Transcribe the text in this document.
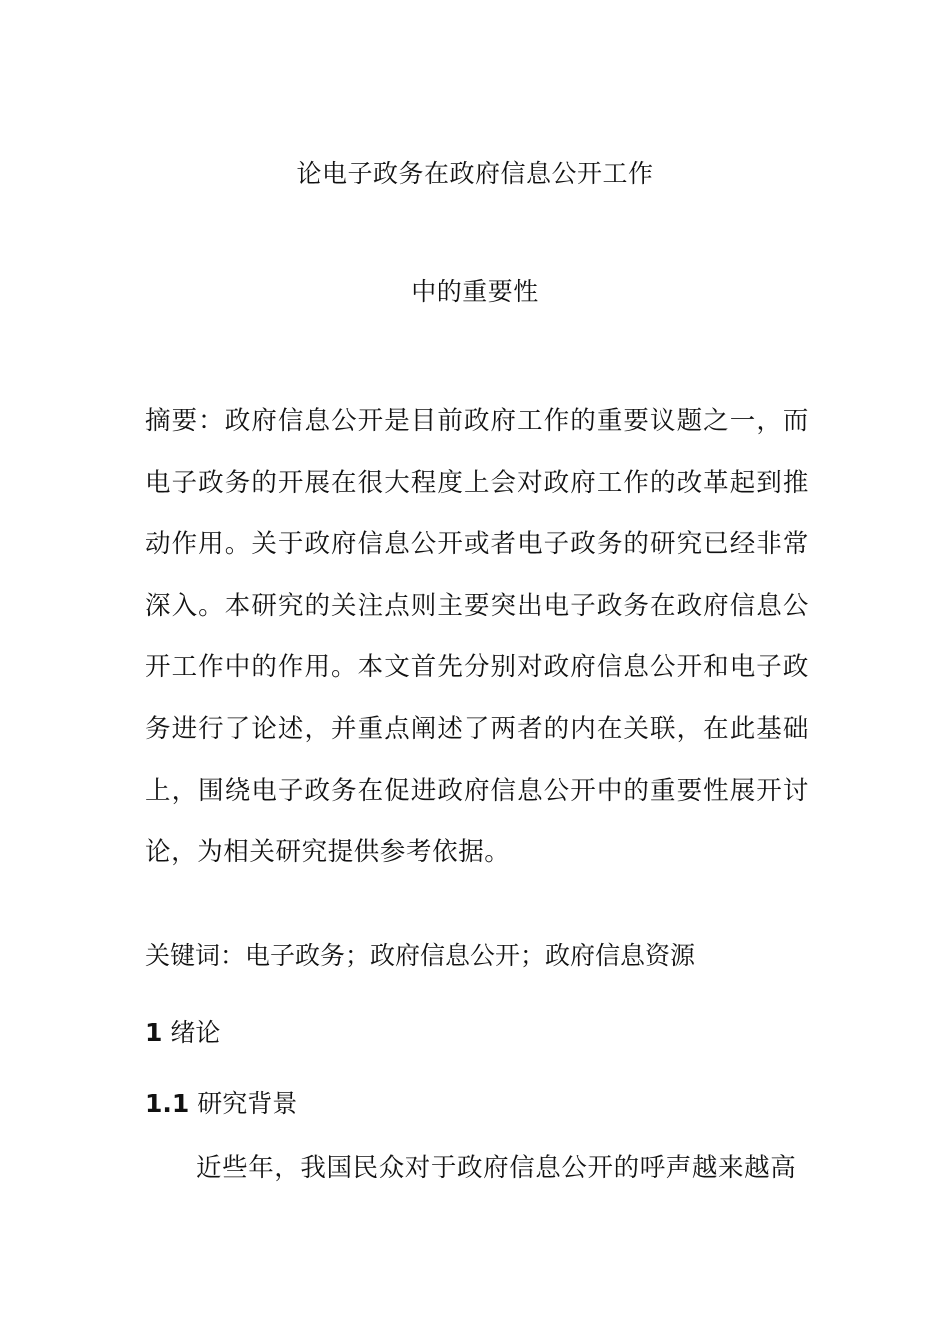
论电子政务在政府信息公开工作
中的重要性

摘要：政府信息公开是目前政府工作的重要议题之一，而电子政务的开展在很大程度上会对政府工作的改革起到推动作用。关于政府信息公开或者电子政务的研究已经非常深入。本研究的关注点则主要突出电子政务在政府信息公开工作中的作用。本文首先分别对政府信息公开和电子政务进行了论述，并重点阐述了两者的内在关联，在此基础上，围绕电子政务在促进政府信息公开中的重要性展开讨论，为相关研究提供参考依据。

关键词：电子政务；政府信息公开；政府信息资源

1 绪论

1.1 研究背景

近些年，我国民众对于政府信息公开的呼声越来越高
